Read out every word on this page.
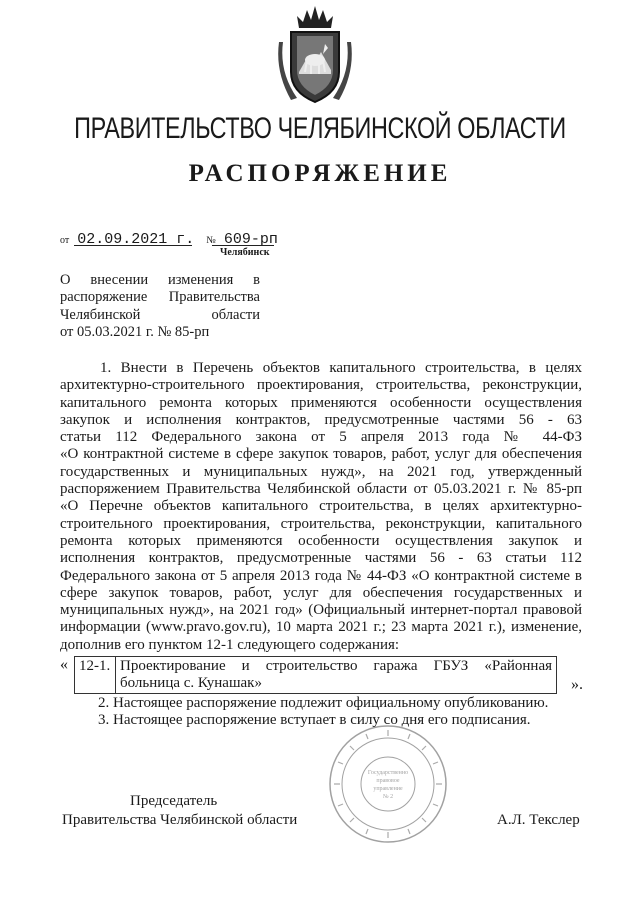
ПРАВИТЕЛЬСТВО ЧЕЛЯБИНСКОЙ ОБЛАСТИ
РАСПОРЯЖЕНИЕ
от 02.09.2021 г. № 609-рп
Челябинск
О внесении изменения в
распоряжение Правительства
Челябинской области
от 05.03.2021 г. № 85-рп
1. Внести в Перечень объектов капитального строительства, в целях
архитектурно-строительного проектирования, строительства, реконструкции,
капитального ремонта которых применяются особенности осуществления
закупок и исполнения контрактов, предусмотренные частями 56 - 63
статьи 112 Федерального закона от 5 апреля 2013 года № 44-ФЗ
«О контрактной системе в сфере закупок товаров, работ, услуг для обеспечения
государственных и муниципальных нужд», на 2021 год, утвержденный
распоряжением Правительства Челябинской области от 05.03.2021 г. № 85-рп
«О Перечне объектов капитального строительства, в целях архитектурно-
строительного проектирования, строительства, реконструкции, капитального
ремонта которых применяются особенности осуществления закупок и
исполнения контрактов, предусмотренные частями 56 - 63 статьи 112
Федерального закона от 5 апреля 2013 года № 44-ФЗ «О контрактной системе в
сфере закупок товаров, работ, услуг для обеспечения государственных и
муниципальных нужд», на 2021 год» (Официальный интернет-портал правовой
информации (www.pravo.gov.ru), 10 марта 2021 г.; 23 марта 2021 г.), изменение,
дополнив его пунктом 12-1 следующего содержания:
« 12-1.	Проектирование и строительство гаража ГБУЗ «Районная
больница с. Кунашак»	».
2. Настоящее распоряжение подлежит официальному опубликованию.
3. Настоящее распоряжение вступает в силу со дня его подписания.
Государственно
правовое
управление
№ 2
Председатель
Правительства Челябинской области	А.Л. Текслер
